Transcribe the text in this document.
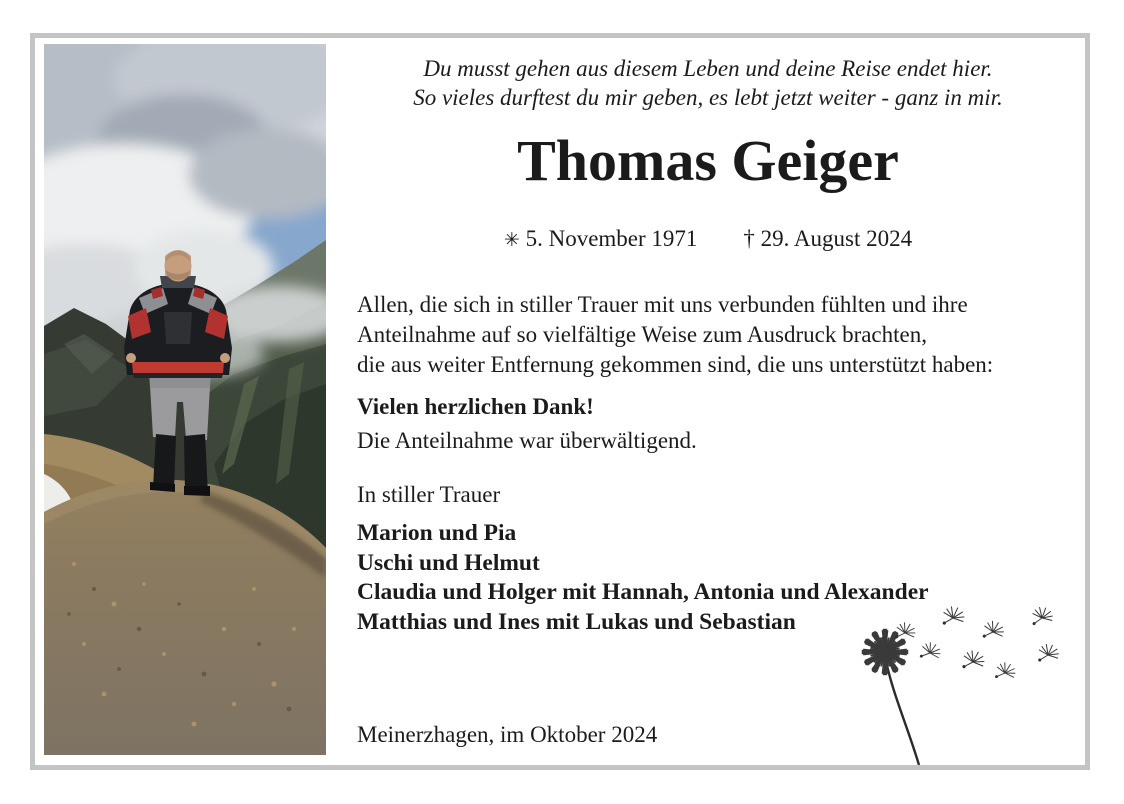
Du musst gehen aus diesem Leben und deine Reise endet hier.
So vieles durftest du mir geben, es lebt jetzt weiter - ganz in mir.
Thomas Geiger
✳ 5. November 1971 † 29. August 2024
Allen, die sich in stiller Trauer mit uns verbunden fühlten und ihre
Anteilnahme auf so vielfältige Weise zum Ausdruck brachten,
die aus weiter Entfernung gekommen sind, die uns unterstützt haben:

Vielen herzlichen Dank!

Die Anteilnahme war überwältigend.

In stiller Trauer

Marion und Pia
Uschi und Helmut
Claudia und Holger mit Hannah, Antonia und Alexander
Matthias und Ines mit Lukas und Sebastian

Meinerzhagen, im Oktober 2024
